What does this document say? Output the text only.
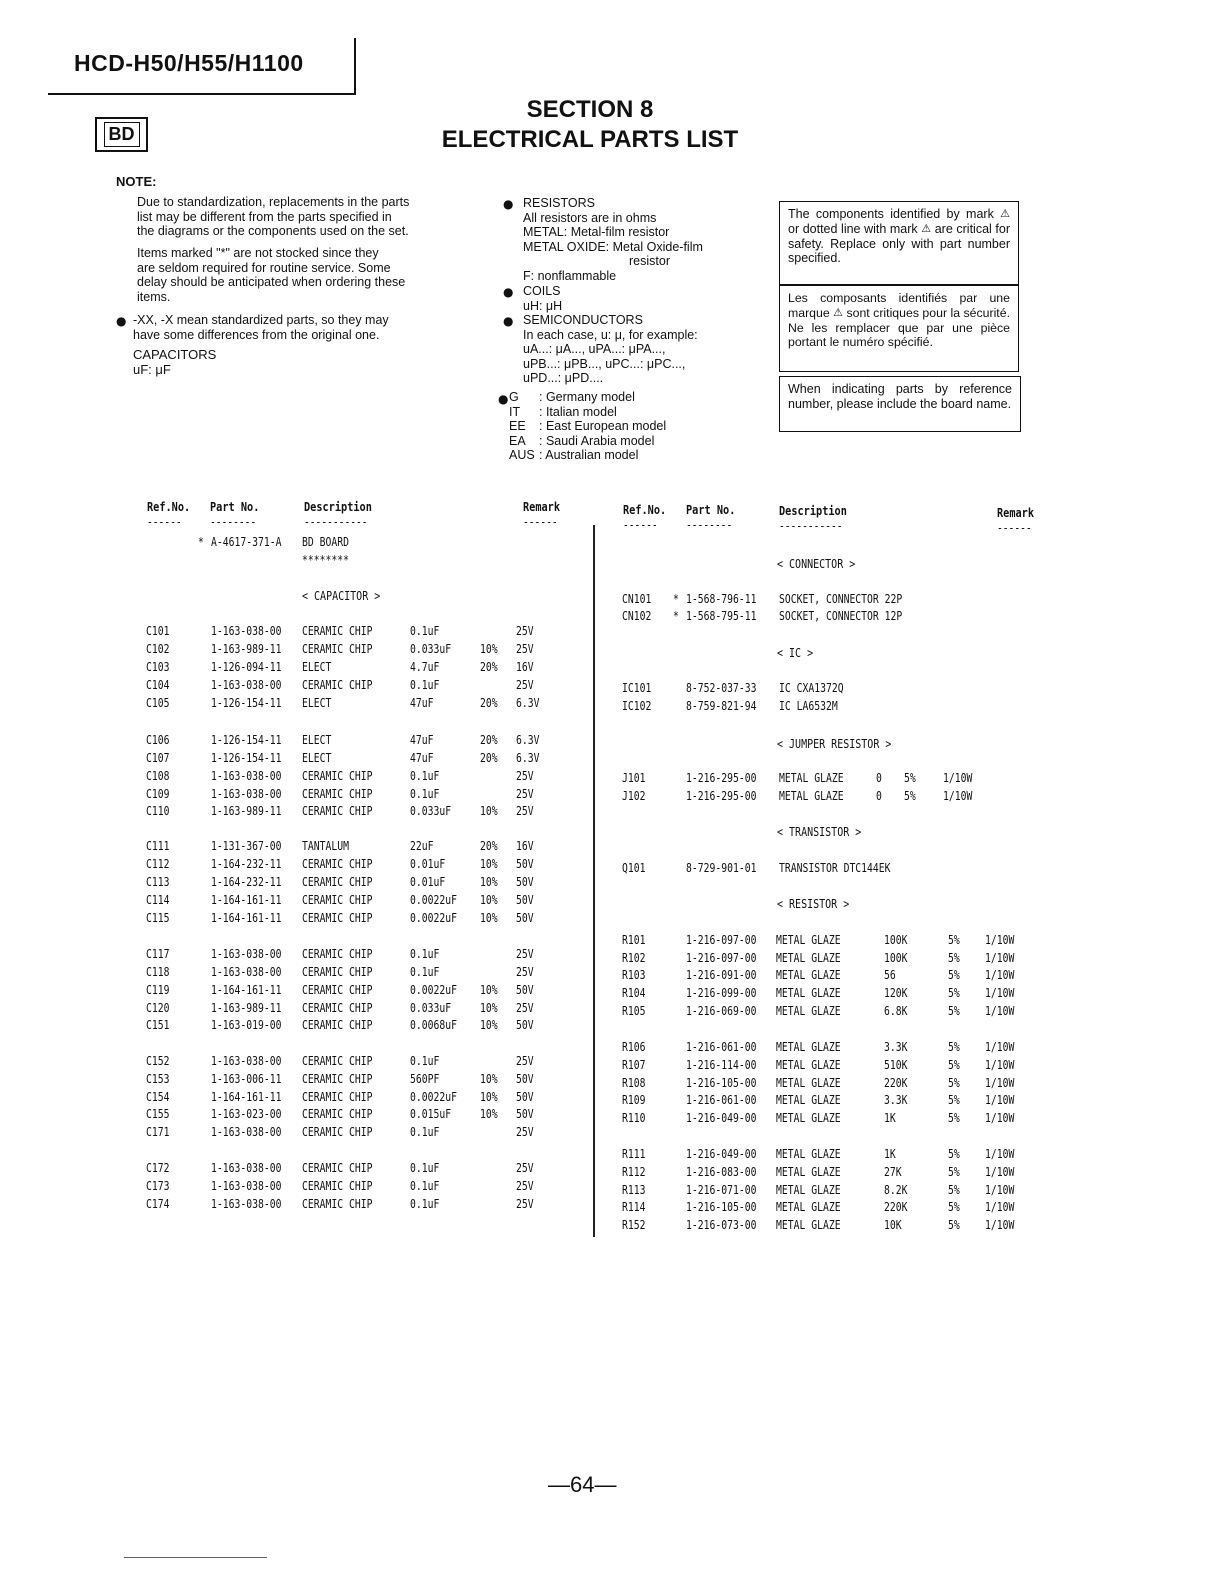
HCD-H50/H55/H1100
BD
SECTION 8
ELECTRICAL PARTS LIST
NOTE:
Due to standardization, replacements in the parts
list may be different from the parts specified in
the diagrams or the components used on the set.
Items marked "*" are not stocked since they
are seldom required for routine service. Some
delay should be anticipated when ordering these
items.
● -XX, -X mean standardized parts, so they may
have some differences from the original one.
CAPACITORS
uF: μF
● RESISTORS
All resistors are in ohms
METAL: Metal-film resistor
METAL OXIDE: Metal Oxide-film
resistor
F: nonflammable
● COILS
uH: μH
● SEMICONDUCTORS
In each case, u: μ, for example:
uA...: μA..., uPA...: μPA...,
uPB...: μPB..., uPC...: μPC...,
uPD...: μPD....
● G : Germany model
IT : Italian model
EE : East European model
EA : Saudi Arabia model
AUS : Australian model
The components identified by mark ⚠ or dotted line with mark ⚠ are critical for safety. Replace only with part number specified.
Les composants identifiés par une marque ⚠ sont critiques pour la sécurité. Ne les remplacer que par une pièce portant le numéro spécifié.
When indicating parts by reference number, please include the board name.
Ref.No. Part No.	Description	Remark
------ --------	-----------	------
Ref.No. Part No.	Description	Remark
------ --------	-----------	------
* A-4617-371-A BD BOARD
********
< CAPACITOR >
< CONNECTOR >
< IC >
< JUMPER RESISTOR >
< TRANSISTOR >
< RESISTOR >
C101	1-163-038-00 CERAMIC CHIP	0.1uF	25V
C102	1-163-989-11 CERAMIC CHIP	0.033uF 10% 25V
C103	1-126-094-11 ELECT	4.7uF	20% 16V
C104	1-163-038-00 CERAMIC CHIP	0.1uF	25V
C105	1-126-154-11 ELECT	47uF	20% 6.3V
C106	1-126-154-11 ELECT	47uF	20% 6.3V
C107	1-126-154-11 ELECT	47uF	20% 6.3V
C108	1-163-038-00 CERAMIC CHIP	0.1uF	25V
C109	1-163-038-00 CERAMIC CHIP	0.1uF	25V
C110	1-163-989-11 CERAMIC CHIP	0.033uF 10% 25V
C111	1-131-367-00 TANTALUM	22uF	20% 16V
C112	1-164-232-11 CERAMIC CHIP	0.01uF	10% 50V
C113	1-164-232-11 CERAMIC CHIP	0.01uF	10% 50V
C114	1-164-161-11 CERAMIC CHIP	0.0022uF 10% 50V
C115	1-164-161-11 CERAMIC CHIP	0.0022uF 10% 50V
C117	1-163-038-00 CERAMIC CHIP	0.1uF	25V
C118	1-163-038-00 CERAMIC CHIP	0.1uF	25V
C119	1-164-161-11 CERAMIC CHIP	0.0022uF 10% 50V
C120	1-163-989-11 CERAMIC CHIP	0.033uF 10% 25V
C151	1-163-019-00 CERAMIC CHIP	0.0068uF 10% 50V
C152	1-163-038-00 CERAMIC CHIP	0.1uF	25V
C153	1-163-006-11 CERAMIC CHIP	560PF	10% 50V
C154	1-164-161-11 CERAMIC CHIP	0.0022uF 10% 50V
C155	1-163-023-00 CERAMIC CHIP	0.015uF 10% 50V
C171	1-163-038-00 CERAMIC CHIP	0.1uF	25V
C172	1-163-038-00 CERAMIC CHIP	0.1uF	25V
C173	1-163-038-00 CERAMIC CHIP	0.1uF	25V
C174	1-163-038-00 CERAMIC CHIP	0.1uF	25V
CN101 * 1-568-796-11 SOCKET, CONNECTOR 22P
CN102 * 1-568-795-11 SOCKET, CONNECTOR 12P
IC101	8-752-037-33 IC CXA1372Q
IC102	8-759-821-94 IC LA6532M
J101	1-216-295-00 METAL GLAZE	0 5% 1/10W
J102	1-216-295-00 METAL GLAZE	0 5% 1/10W
Q101	8-729-901-01 TRANSISTOR DTC144EK
R101	1-216-097-00 METAL GLAZE	100K	5% 1/10W
R102	1-216-097-00 METAL GLAZE	100K	5% 1/10W
R103	1-216-091-00 METAL GLAZE	56	5% 1/10W
R104	1-216-099-00 METAL GLAZE	120K	5% 1/10W
R105	1-216-069-00 METAL GLAZE	6.8K	5% 1/10W
R106	1-216-061-00 METAL GLAZE	3.3K	5% 1/10W
R107	1-216-114-00 METAL GLAZE	510K	5% 1/10W
R108	1-216-105-00 METAL GLAZE	220K	5% 1/10W
R109	1-216-061-00 METAL GLAZE	3.3K	5% 1/10W
R110	1-216-049-00 METAL GLAZE	1K	5% 1/10W
R111	1-216-049-00 METAL GLAZE	1K	5% 1/10W
R112	1-216-083-00 METAL GLAZE	27K	5% 1/10W
R113	1-216-071-00 METAL GLAZE	8.2K	5% 1/10W
R114	1-216-105-00 METAL GLAZE	220K	5% 1/10W
R152	1-216-073-00 METAL GLAZE	10K	5% 1/10W
—64—
